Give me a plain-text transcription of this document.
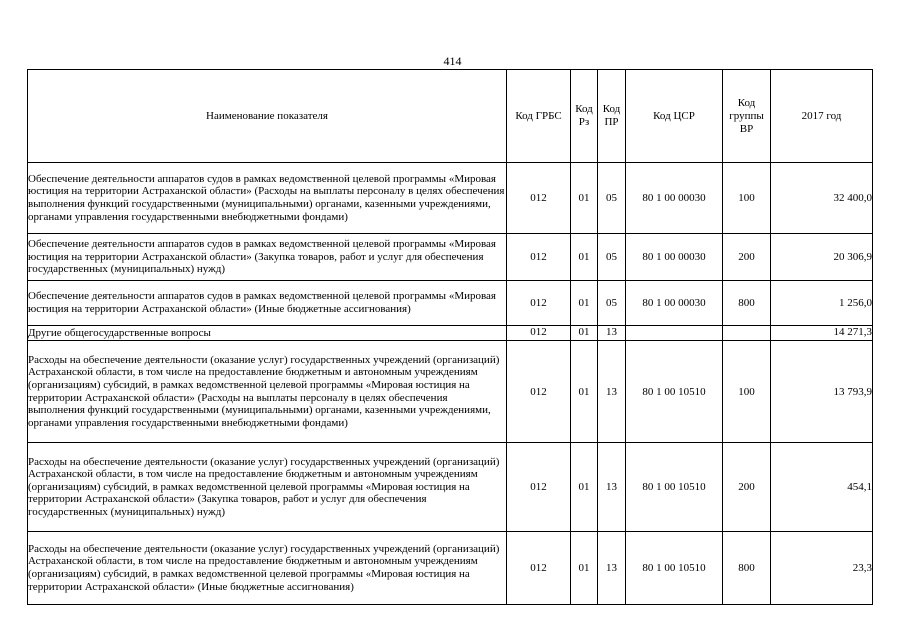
414
Наименование показателя	Код ГРБС	Код Рз	Код ПР	Код ЦСР	Код группы ВР	2017 год
Обеспечение деятельности аппаратов судов в рамках ведомственной целевой программы «Мировая юстиция на территории Астраханской области» (Расходы на выплаты персоналу в целях обеспечения выполнения функций государственными (муниципальными) органами, казенными учреждениями, органами управления государственными внебюджетными фондами)	012	01	05	80 1 00 00030	100	32 400,0
Обеспечение деятельности аппаратов судов в рамках ведомственной целевой программы «Мировая юстиция на территории Астраханской области» (Закупка товаров, работ и услуг для обеспечения государственных (муниципальных) нужд)	012	01	05	80 1 00 00030	200	20 306,9
Обеспечение деятельности аппаратов судов в рамках ведомственной целевой программы «Мировая юстиция на территории Астраханской области» (Иные бюджетные ассигнования)	012	01	05	80 1 00 00030	800	1 256,0
Другие общегосударственные вопросы	012	01	13			14 271,3
Расходы на обеспечение деятельности (оказание услуг) государственных учреждений (организаций) Астраханской области, в том числе на предоставление бюджетным и автономным учреждениям (организациям) субсидий, в рамках ведомственной целевой программы «Мировая юстиция на территории Астраханской области» (Расходы на выплаты персоналу в целях обеспечения выполнения функций государственными (муниципальными) органами, казенными учреждениями, органами управления государственными внебюджетными фондами)	012	01	13	80 1 00 10510	100	13 793,9
Расходы на обеспечение деятельности (оказание услуг) государственных учреждений (организаций) Астраханской области, в том числе на предоставление бюджетным и автономным учреждениям (организациям) субсидий, в рамках ведомственной целевой программы «Мировая юстиция на территории Астраханской области» (Закупка товаров, работ и услуг для обеспечения государственных (муниципальных) нужд)	012	01	13	80 1 00 10510	200	454,1
Расходы на обеспечение деятельности (оказание услуг) государственных учреждений (организаций) Астраханской области, в том числе на предоставление бюджетным и автономным учреждениям (организациям) субсидий, в рамках ведомственной целевой программы «Мировая юстиция на территории Астраханской области» (Иные бюджетные ассигнования)	012	01	13	80 1 00 10510	800	23,3
